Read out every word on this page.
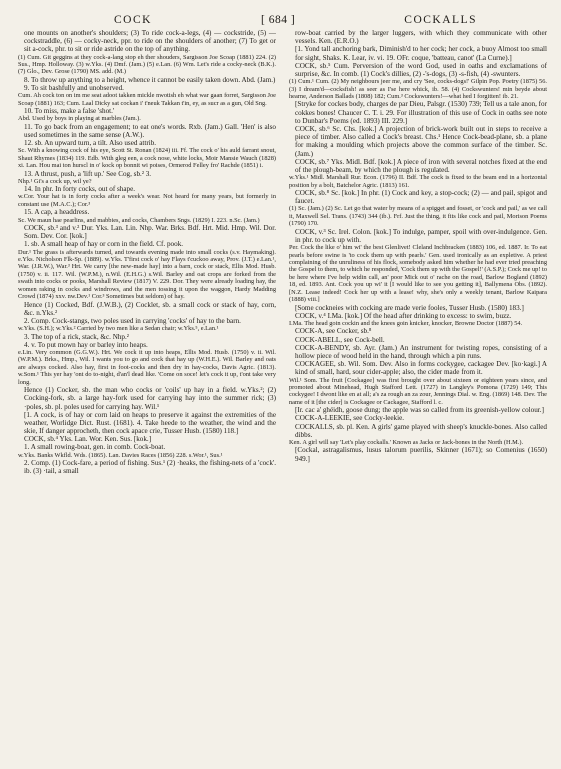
COCK	[ 684 ]	COCKALLS

one mounts on another's shoulders; (3) To ride cock-a-legs, (4) — cockstride, (5) — cockstraddle, (6) — cocky-neck, ppr. to ride on the shoulders of another; (7) To get or sit a-cock, phr. to sit or ride astride on the top of anything.

(1) Cum. Git geggins at they cock-a-lang stop eh ther shouders, Sargisson Joe Scoap (1881) 224. (2) Sus., Hmp. Holloway. (3) w.Yks. (4) Dmf. (Jam.) (5) e.Lan. (6) Wm. Let's ride a cocky-neck (B.K.). (7) Glo., Dev. Grose (1790) MS. add. (M.)

8. To throw up anything to a height, whence it cannot be easily taken down. Abd. (Jam.)

9. To sit bashfully and unobserved.

Cum. Ah cock ton on im me seat adoot takken mickle nwotish eh what war gaan forret, Sargisson Joe Scoap (1881) 163; Cum. Laal Dicky sat cockan i' t'neuk Takkan t'in, ey, as sucr as a gun, Old Sng.

10. To miss, make a false 'shot.'

Abd. Used by boys in playing at marbles (Jam.).

11. To go back from an engagement; to eat one's words. Rxb. (Jam.) Gall. 'Hen' is also used sometimes in the same sense (A.W.).

12. sb. An upward turn, a tilt. Also used attrib.

Sc. With a knowing cock of his eye, Scott St. Ronan (1824) iii. Ff. The cock o' his auld farrant snout, Shaut Rhymes (1834) 119. Edb. With gleg een, a cock nose, white locks, Moir Mansie Wauch (1828) xi. Lan. Hou mai ton hurscl in o' kock op bonnit wi poises, Ormerod Felley fro' Rachde (1851) i.

13. A thrust, push, a 'lift up.' See Cog, sb.² 3.

Nhp.¹ Gi's a cock up, wil ye?

14. In phr. In forty cocks, out of shape.

w.Cor. Your hat is in forty cocks after a week's wear. Not heard for many years, but formerly in constant use (M.A.C.); Cor.³

15. A cap, a headdress.

Sc. We maun hae pearlins, and mabbies, and cocks, Chambers Sngs. (1829) I. 223. n.Sc. (Jam.)

COCK, sb.³ and v.² Dur. Yks. Lan. Lin. Nhp. War. Brks. Bdf. Hrt. Mid. Hmp. Wil. Dor. Som. Dev. Cor. [kok.]

1. sb. A small heap of hay or corn in the field. Cf. pook.

Dur.¹ The grass is afterwards turned, and towards evening made into small cocks (s.v. Haymaking). e.Yks. Nicholson Flk-Sp. (1889). w.Yks. T'first cock o' hay Flays t'cuckoo away, Prov. (J.T.) e.Lan.¹, War. (J.R.W.), War.³ Hrt. We carry [the new-made hay] into a barn, cock or stack, Ellis Mod. Husb. (1750) v. ii. 117. Wil. (W.P.M.), n.Wil. (E.H.G.) s.Wil. Barley and oat crops are forked from the swath into cocks or pooks, Marshall Review (1817) V. 229. Dor. They were already loading hay, the women raking in cocks and windrows, and the men tossing it upon the waggon, Hardy Madding Crowd (1874) xxv. nw.Dev.¹ Cor.³ Sometimes but seldom) of hay.

Hence (1) Cocked, Bdf. (J.W.B.), (2) Cocklet, sb. a small cock or stack of hay, corn, &c. n.Yks.²

2. Comp. Cock-stangs, two poles used in carrying 'cocks' of hay to the barn.

w.Yks. (S.H.); w.Yks.² Carried by two men like a Sedan chair; w.Yks.⁵, e.Lan.¹

3. The top of a rick, stack, &c. Nhp.²

4. v. To put mown hay or barley into heaps.

e.Lin. Very common (G.G.W.). Hrt. We cock it up into heaps, Ellis Mod. Husb. (1750) v. ii. Wil. (W.P.M.). Brks., Hmp., Wil. I wants you to go and cock that hay up (W.H.E.). Wil. Barley and oats are always cocked. Also hay, first in foot-cocks and then dry in hay-cocks, Davis Agric. (1813). w.Som.¹ This yer hay 'ont do to-night, d'an'l dead like. 'Come on soce! let's cock it up, t'ont take very long.

Hence (1) Cocker, sb. the man who cocks or 'coils' up hay in a field. w.Yks.²; (2) Cocking-fork, sb. a large hay-fork used for carrying hay into the summer rick; (3) ·poles, sb. pl. poles used for carrying hay. Wil.¹

[1. A cock, is of hay or corn laid on heaps to preserve it against the extremities of the weather, Worlidge Dict. Rust. (1681). 4. Take heede to the weather, the wind and the skie, If danger approcheth, then cock apace crie, Tusser Husb. (1580) 118.]

COCK, sb.⁴ Yks. Lan. Wor. Ken. Sus. [kok.]

1. A small rowing-boat, gen. in comb. Cock-boat.

w.Yks. Banks Wkfld. Wds. (1865). Lan. Davies Races (1856) 228. s.Wor.¹, Sus.¹

2. Comp. (1) Cock-fare, a period of fishing. Sus.¹ (2) ·heaks, the fishing-nets of a 'cock'. ib. (3) ·tail, a small

row-boat carried by the larger luggers, with which they communicate with other vessels. Ken. (E.R.O.)

[1. Yond tall anchoring bark, Diminish'd to her cock; her cock, a buoy Almost too small for sight, Shaks. K. Lear, iv. vi. 19. OFr. coque, 'batteau, canot' (La Curne).]

COCK, sb.⁵ Cum. Perversion of the word God, used in oaths and exclamations of surprise, &c. In comb. (1) Cock's dillies, (2) -'s-dogs, (3) -s-fish, (4) -swunters.

(1) Cum.¹ Cum. (2) My neighbours jeer me, and cry 'See, cocks-dogs!' Gilpin Pop. Poetry (1875) 56. (3) I dream'd—cocksfish! as seer as I'se here whick, ib. 58. (4) Cockswunters! min beyde about hearne, Anderson Ballads (1808) 182; Cum.³ Cockswunters!—what hed I forgitten! ib. 21.

[Stryke for cockes body, charges de par Dieu, Palsgr. (1530) 739; Tell us a tale anon, for cokkes bones! Chaucer C. T. i. 29. For illustration of this use of Cock in oaths see note to Dunbar's Poems (ed. 1893) III. 229.]

COCK, sb.⁶ Sc. Chs. [kok.] A projection of brick-work built out in steps to receive a piece of timber. Also called a Cock's breast. Chs.¹ Hence Cock-bead-plane, sb. a plane for making a moulding which projects above the common surface of the timber. Sc. (Jam.)

COCK, sb.⁷ Yks. Midl. Bdf. [kok.] A piece of iron with several notches fixed at the end of the plough-beam, by which the plough is regulated.

w.Yks.¹ Midl. Marshall Rur. Econ. (1796) II. Bdf. The cock is fixed to the beam end in a horizontal position by a bolt, Batchelor Agric. (1813) 161.

COCK, sb.⁸ Sc. [kok.] In phr. (1) Cock and key, a stop-cock; (2) — and pail, spigot and faucet.

(1) Sc. (Jam.) (2) Sc. Let go that water by means of a spigget and fosset, or 'cock and pail,' as we call it, Maxwell Sel. Trans. (1743) 344 (ib.). Frf. Just the thing, it fits like cock and pail, Morison Poems (1790) 170.

COCK, v.³ Sc. Irel. Colon. [kok.] To indulge, pamper, spoil with over-indulgence. Gen. in phr. to cock up with.

Per. Cock the like o' him wi' the best Glenlivet! Cleland Inchbracken (1883) 106, ed. 1887. Ir. To eat pearls before swine is 'to cock them up with pearls.' Gen. used ironically as an expletive. A priest complaining of the unruliness of his flock, somebody asked him whether he had ever tried preaching the Gospel to them, to which he responded, 'Cock them up with the Gospel!' (A.S.P.); Cock me up! to be here where I've help widin call, an' poor Mick out o' rache on the road, Barlow Bogland (1892) 18, ed. 1893. Ant. Cock you up wi' it [I would like to see you getting it], Ballymena Obs. (1892). [N.Z. Lease indeed! Cock her up with a lease! why, she's only a weekly tenant, Barlow Kaipara (1888) viii.]

[Some cockneies with cocking are made verie fooles, Tusser Husb. (1580) 183.]

COCK, v.⁴ I.Ma. [kok.] Of the head after drinking to excess: to swim, buzz.

I.Ma. The head goin cockin and the knees goin knicker, knocker, Browne Doctor (1887) 54.

COCK-A, see Cocker, sb.⁸

COCK-ABELL, see Cock-bell.

COCK-A-BENDY, sb. Ayr. (Jam.) An instrument for twisting ropes, consisting of a hollow piece of wood held in the hand, through which a pin runs.

COCKAGEE, sb. Wil. Som. Dev. Also in forms cockygee, cackagee Dev. [ko·kagi.] A kind of small, hard, sour cider-apple; also, the cider made from it.

Wil.¹ Som. The fruit [Cockagee] was first brought over about sixteen or eighteen years since, and promoted about Minehead, Hugh Stafford Lett. (1727) in Langley's Pomona (1729) 149; This cockygee! I dwont like en at all; a's za rough an za zour, Jennings Dial. w. Eng. (1869) 148. Dev. The name of it [the cider] is Cockagee or Cackagee, Stafford l. c.

[Ir. cac a' ghéidh, goose dung; the apple was so called from its greenish-yellow colour.]

COCK-A-LEEKIE, see Cocky-leekie.

COCKALLS, sb. pl. Ken. A girls' game played with sheep's knuckle-bones. Also called dibbs.

Ken. A girl will say 'Let's play cockalls.' Known as Jacks or Jack-bones in the North (H.M.).

[Cockal, astragalismus, lusus talorum puerilis, Skinner (1671); so Comenius (1650) 949.]
